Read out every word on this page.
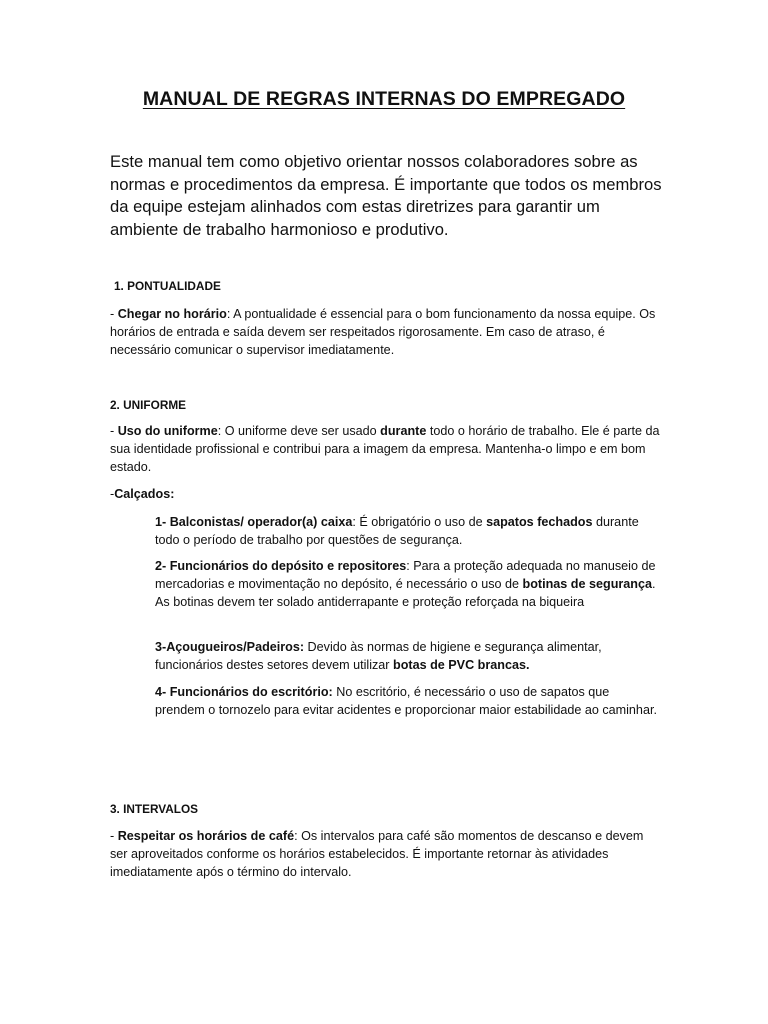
MANUAL DE REGRAS INTERNAS DO EMPREGADO

Este manual tem como objetivo orientar nossos colaboradores sobre as normas e procedimentos da empresa. É importante que todos os membros da equipe estejam alinhados com estas diretrizes para garantir um ambiente de trabalho harmonioso e produtivo.

1. PONTUALIDADE

- Chegar no horário: A pontualidade é essencial para o bom funcionamento da nossa equipe. Os horários de entrada e saída devem ser respeitados rigorosamente. Em caso de atraso, é necessário comunicar o supervisor imediatamente.

2. UNIFORME

- Uso do uniforme: O uniforme deve ser usado durante todo o horário de trabalho. Ele é parte da sua identidade profissional e contribui para a imagem da empresa. Mantenha-o limpo e em bom estado.

-Calçados:

1- Balconistas/ operador(a) caixa: É obrigatório o uso de sapatos fechados durante todo o período de trabalho por questões de segurança.

2- Funcionários do depósito e repositores: Para a proteção adequada no manuseio de mercadorias e movimentação no depósito, é necessário o uso de botinas de segurança. As botinas devem ter solado antiderrapante e proteção reforçada na biqueira

3-Açougueiros/Padeiros: Devido às normas de higiene e segurança alimentar, funcionários destes setores devem utilizar botas de PVC brancas.

4- Funcionários do escritório: No escritório, é necessário o uso de sapatos que prendem o tornozelo para evitar acidentes e proporcionar maior estabilidade ao caminhar.

3. INTERVALOS

- Respeitar os horários de café: Os intervalos para café são momentos de descanso e devem ser aproveitados conforme os horários estabelecidos. É importante retornar às atividades imediatamente após o término do intervalo.
